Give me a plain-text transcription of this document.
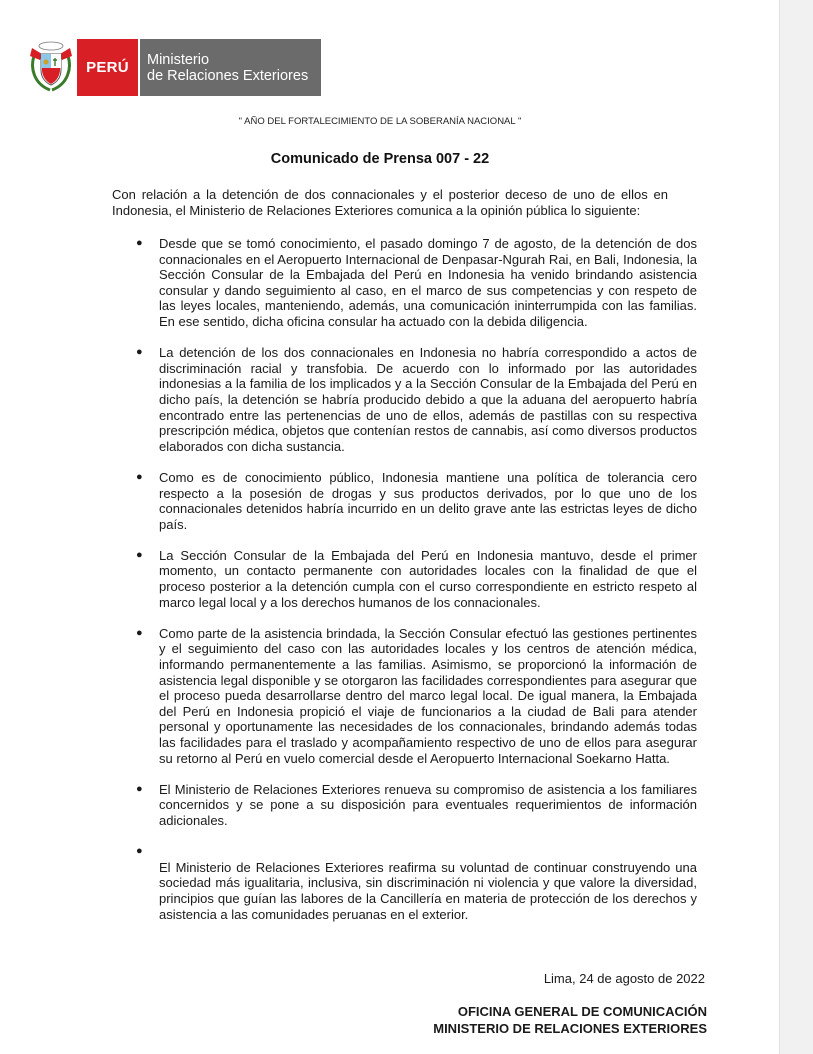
PERÚ Ministerio
de Relaciones Exteriores
" AÑO DEL FORTALECIMIENTO DE LA SOBERANÍA NACIONAL "
Comunicado de Prensa 007 - 22
Con relación a la detención de dos connacionales y el posterior deceso de uno de ellos en Indonesia, el Ministerio de Relaciones Exteriores comunica a la opinión pública lo siguiente:
● Desde que se tomó conocimiento, el pasado domingo 7 de agosto, de la detención de dos connacionales en el Aeropuerto Internacional de Denpasar-Ngurah Rai, en Bali, Indonesia, la Sección Consular de la Embajada del Perú en Indonesia ha venido brindando asistencia consular y dando seguimiento al caso, en el marco de sus competencias y con respeto de las leyes locales, manteniendo, además, una comunicación ininterrumpida con las familias. En ese sentido, dicha oficina consular ha actuado con la debida diligencia.
● La detención de los dos connacionales en Indonesia no habría correspondido a actos de discriminación racial y transfobia. De acuerdo con lo informado por las autoridades indonesias a la familia de los implicados y a la Sección Consular de la Embajada del Perú en dicho país, la detención se habría producido debido a que la aduana del aeropuerto habría encontrado entre las pertenencias de uno de ellos, además de pastillas con su respectiva prescripción médica, objetos que contenían restos de cannabis, así como diversos productos elaborados con dicha sustancia.
● Como es de conocimiento público, Indonesia mantiene una política de tolerancia cero respecto a la posesión de drogas y sus productos derivados, por lo que uno de los connacionales detenidos habría incurrido en un delito grave ante las estrictas leyes de dicho país.
● La Sección Consular de la Embajada del Perú en Indonesia mantuvo, desde el primer momento, un contacto permanente con autoridades locales con la finalidad de que el proceso posterior a la detención cumpla con el curso correspondiente en estricto respeto al marco legal local y a los derechos humanos de los connacionales.
● Como parte de la asistencia brindada, la Sección Consular efectuó las gestiones pertinentes y el seguimiento del caso con las autoridades locales y los centros de atención médica, informando permanentemente a las familias. Asimismo, se proporcionó la información de asistencia legal disponible y se otorgaron las facilidades correspondientes para asegurar que el proceso pueda desarrollarse dentro del marco legal local. De igual manera, la Embajada del Perú en Indonesia propició el viaje de funcionarios a la ciudad de Bali para atender personal y oportunamente las necesidades de los connacionales, brindando además todas las facilidades para el traslado y acompañamiento respectivo de uno de ellos para asegurar su retorno al Perú en vuelo comercial desde el Aeropuerto Internacional Soekarno Hatta.
● El Ministerio de Relaciones Exteriores renueva su compromiso de asistencia a los familiares concernidos y se pone a su disposición para eventuales requerimientos de información adicionales.
●
El Ministerio de Relaciones Exteriores reafirma su voluntad de continuar construyendo una sociedad más igualitaria, inclusiva, sin discriminación ni violencia y que valore la diversidad, principios que guían las labores de la Cancillería en materia de protección de los derechos y asistencia a las comunidades peruanas en el exterior.
Lima, 24 de agosto de 2022
OFICINA GENERAL DE COMUNICACIÓN
MINISTERIO DE RELACIONES EXTERIORES
